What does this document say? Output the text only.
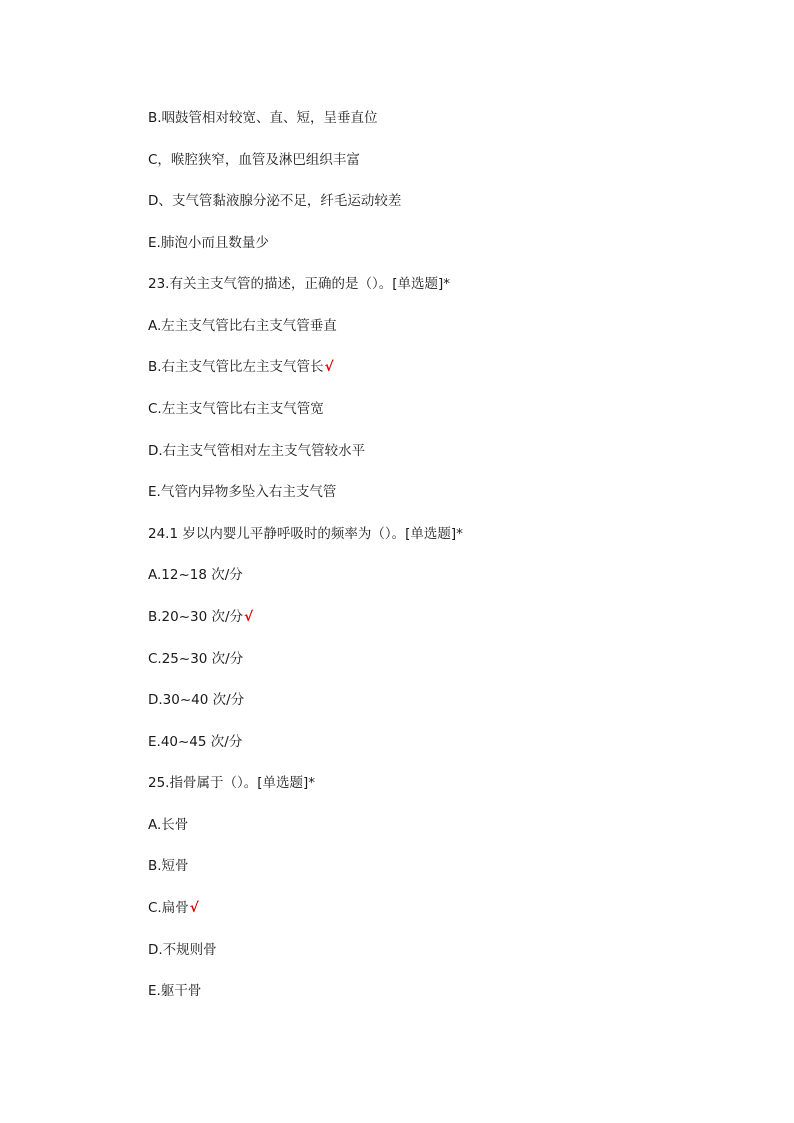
B.咽鼓管相对较宽、直、短，呈垂直位
C，喉腔狭窄，血管及淋巴组织丰富
D、支气管黏液腺分泌不足，纤毛运动较差
E.肺泡小而且数量少
23.有关主支气管的描述，正确的是（）。[单选题]*
A.左主支气管比右主支气管垂直
B.右主支气管比左主支气管长√
C.左主支气管比右主支气管宽
D.右主支气管相对左主支气管较水平
E.气管内异物多坠入右主支气管
24.1 岁以内婴儿平静呼吸时的频率为（）。[单选题]*
A.12~18 次/分
B.20~30 次/分√
C.25~30 次/分
D.30~40 次/分
E.40~45 次/分
25.指骨属于（）。[单选题]*
A.长骨
B.短骨
C.扁骨√
D.不规则骨
E.躯干骨
